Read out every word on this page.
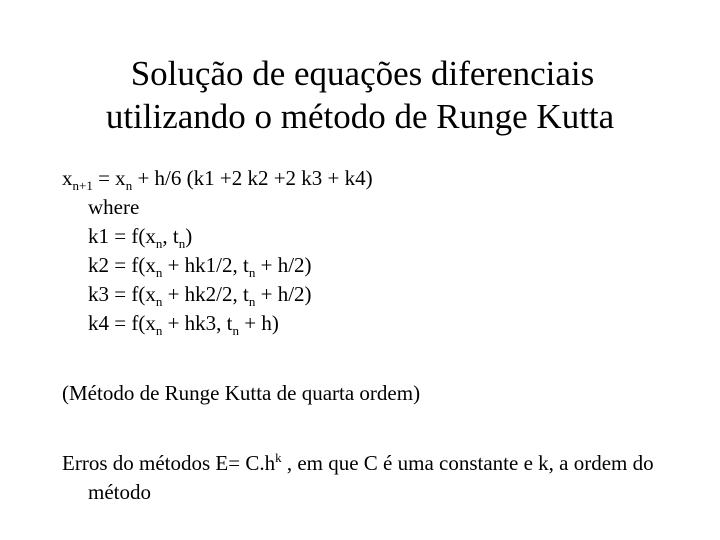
Solução de equações diferenciais
utilizando o método de Runge Kutta
$x_{n+1} = x_n + h/6$ (k1 +2 k2 +2 k3 + k4)
where
$k1 = f(x_n$, $t_n$)
$k2 = f(x_n + hk1/2$, $t_n + h/2$)
$k3 = f(x_n + hk2/2$, $t_n + h/2$)
$k4 = f(x_n + hk3$, $t_n + h$)
(Método de Runge Kutta de quarta ordem)
Erros do métodos $E= C.h^k$ , em que C é uma constante e k, a ordem do método
